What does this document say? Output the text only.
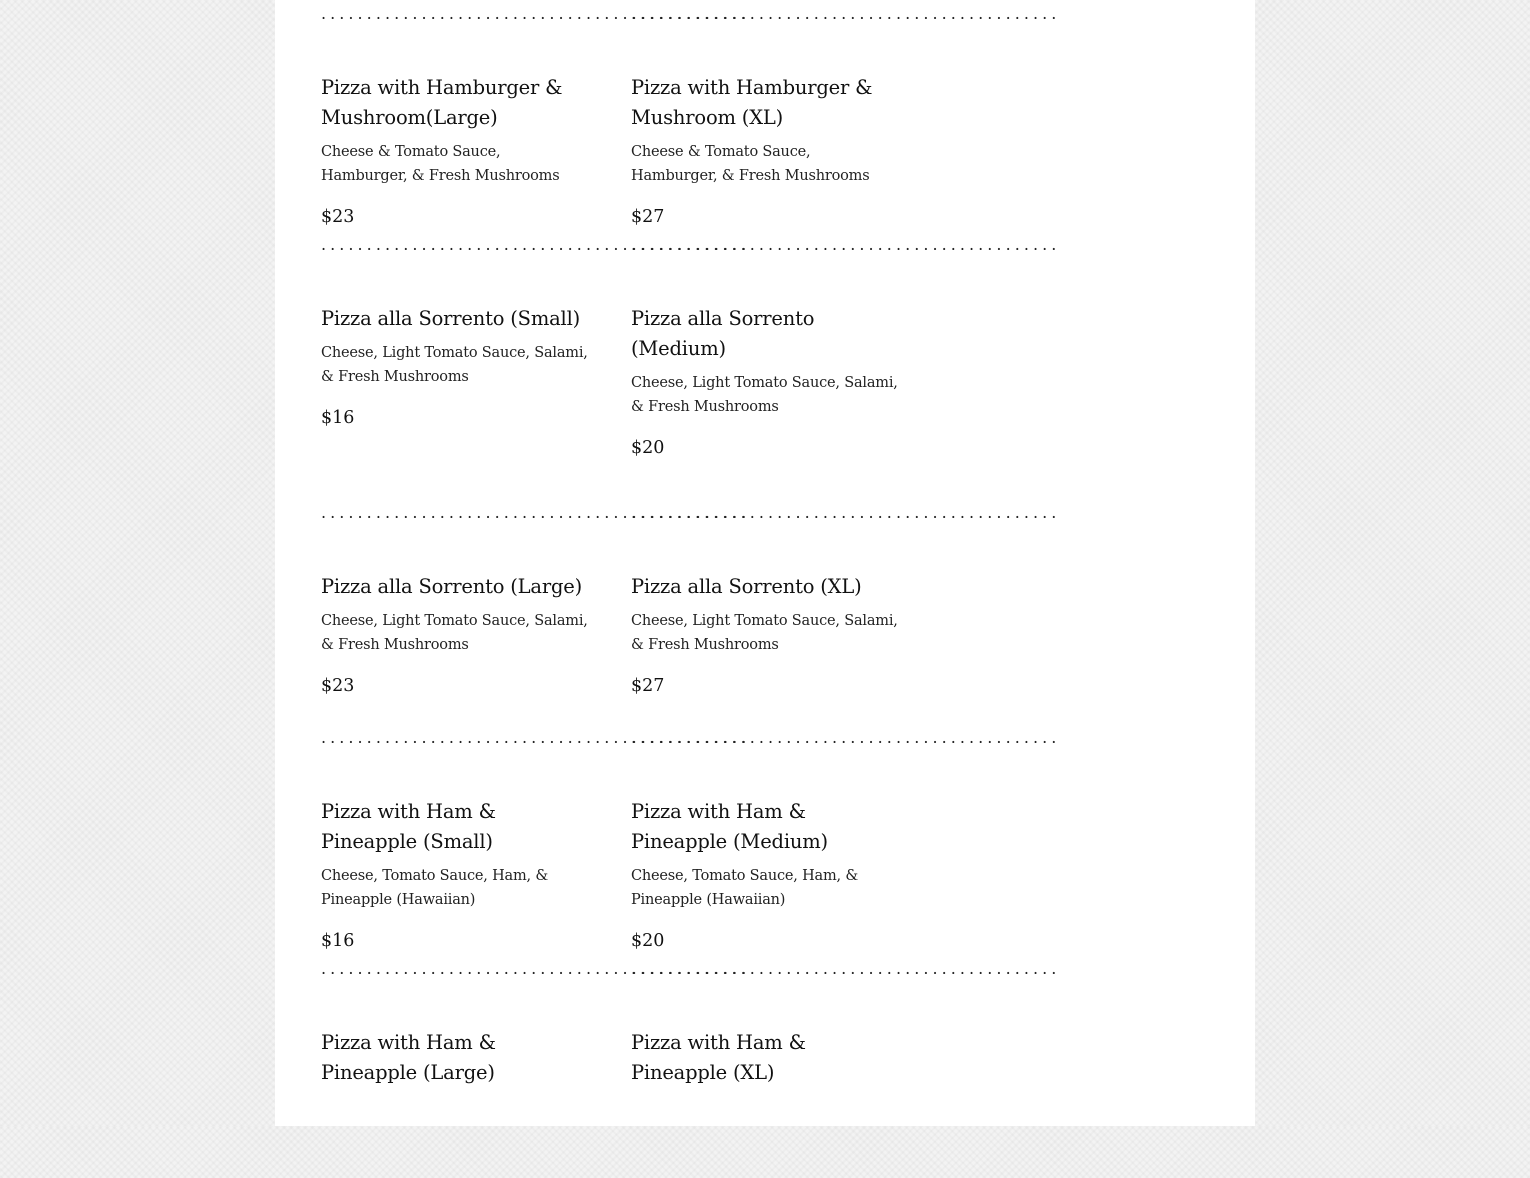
...............................................
...............................................
Pizza with Hamburger & Mushroom(Large)

Cheese & Tomato Sauce, Hamburger, & Fresh Mushrooms

$23

Pizza with Hamburger & Mushroom (XL)

Cheese & Tomato Sauce, Hamburger, & Fresh Mushrooms

$27

...............................................
...............................................
Pizza alla Sorrento (Small)

Cheese, Light Tomato Sauce, Salami, & Fresh Mushrooms

$16

Pizza alla Sorrento (Medium)

Cheese, Light Tomato Sauce, Salami, & Fresh Mushrooms

$20

...............................................
...............................................
Pizza alla Sorrento (Large)

Cheese, Light Tomato Sauce, Salami, & Fresh Mushrooms

$23

Pizza alla Sorrento (XL)

Cheese, Light Tomato Sauce, Salami, & Fresh Mushrooms

$27

...............................................
...............................................
Pizza with Ham & Pineapple (Small)

Cheese, Tomato Sauce, Ham, & Pineapple (Hawaiian)

$16

Pizza with Ham & Pineapple (Medium)

Cheese, Tomato Sauce, Ham, & Pineapple (Hawaiian)

$20

...............................................
...............................................
Pizza with Ham & Pineapple (Large)

Pizza with Ham & Pineapple (XL)
